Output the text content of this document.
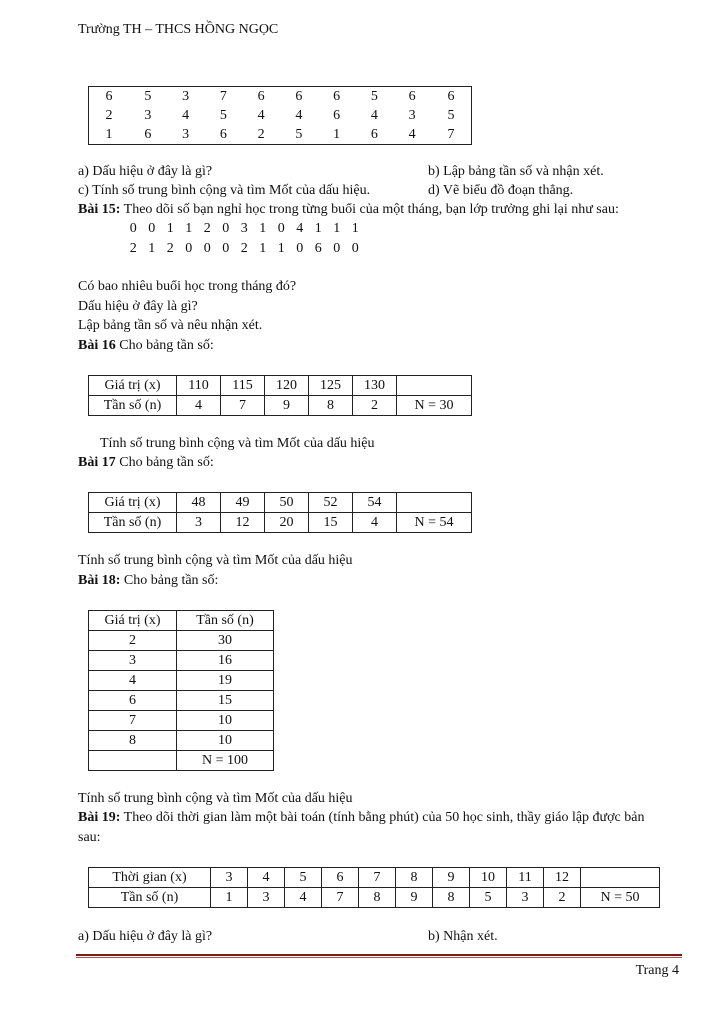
Trường TH – THCS HỒNG NGỌC
6	5	3	7	6	6	6	5	6	6
2	3	4	5	4	4	6	4	3	5
1	6	3	6	2	5	1	6	4	7
a) Dấu hiệu ở đây là gì?	b) Lập bảng tần số và nhận xét.
c) Tính số trung bình cộng và tìm Mốt của dấu hiệu.	d) Vẽ biểu đồ đoạn thẳng.
Bài 15: Theo dõi số bạn nghỉ học trong từng buổi của một tháng, bạn lớp trưởng ghi lại như sau:
0 0 1 1 2 0 3 1 0 4 1 1 1
2 1 2 0 0 0 2 1 1 0 6 0 0
Có bao nhiêu buổi học trong tháng đó?
Dấu hiệu ở đây là gì?
Lập bảng tần số và nêu nhận xét.
Bài 16 Cho bảng tần số:
Giá trị (x)	110	115	120	125	130	
Tần số (n)	4	7	9	8	2	N = 30
Tính số trung bình cộng và tìm Mốt của dấu hiệu
Bài 17 Cho bảng tần số:
Giá trị (x)	48	49	50	52	54	
Tần số (n)	3	12	20	15	4	N = 54
Tính số trung bình cộng và tìm Mốt của dấu hiệu
Bài 18: Cho bảng tần số:
Giá trị (x)	Tần số (n)
2	30
3	16
4	19
6	15
7	10
8	10
	N = 100
Tính số trung bình cộng và tìm Mốt của dấu hiệu
Bài 19: Theo dõi thời gian làm một bài toán (tính bằng phút) của 50 học sinh, thầy giáo lập được bản
sau:
Thời gian (x)	3	4	5	6	7	8	9	10	11	12	
Tần số (n)	1	3	4	7	8	9	8	5	3	2	N = 50
a) Dấu hiệu ở đây là gì?	b) Nhận xét.
Trang 4
